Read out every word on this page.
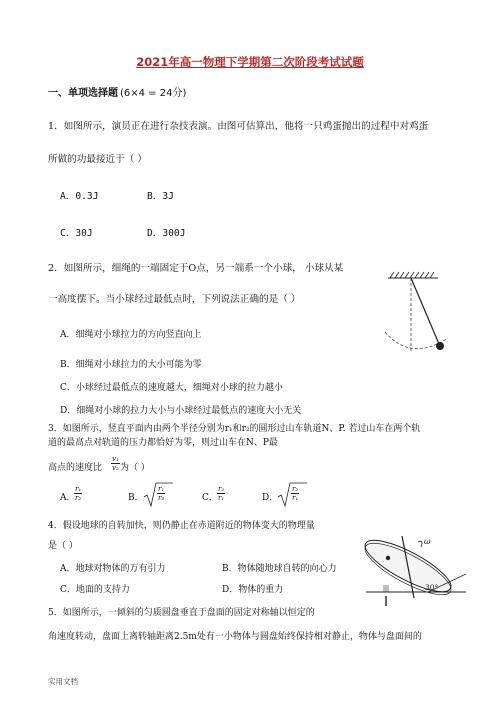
2021年高一物理下学期第二次阶段考试试题
一、单项选择题 (6×4 = 24分)
1．如图所示，演员正在进行杂技表演。由图可估算出，他将一只鸡蛋抛出的过程中对鸡蛋
所做的功最接近于（ ）
A．0.3J	B．3J
C．30J	D．300J
2．如图所示，细绳的一端固定于O点，另一端系一个小球， 小球从某
一高度摆下。当小球经过最低点时，下列说法正确的是（ ）
A．细绳对小球拉力的方向竖直向上
B．细绳对小球拉力的大小可能为零
C．小球经过最低点的速度越大，细绳对小球的拉力越小
D．细绳对小球的拉力大小与小球经过最低点的速度大小无关
3．如图所示，竖直平面内由两个半径分别为r₁和r₂的圆形过山车轨道N、P. 若过山车在两个轨
道的最高点对轨道的压力都恰好为零，则过山车在N、P最
高点的速度比 $\frac{\text{v₁}}{\text{v₂}}$ 为（ ）
A．
$\frac{\text{r₁}}{\text{r₂}}$	B． $\frac{\text{r₁}}{\text{r₂}}$	C． $\frac{\text{r₂}}{\text{r₁}}$	D． $\frac{\text{r₂}}{\text{r₁}}$
4．假设地球的自转加快，则仍静止在赤道附近的物体变大的物理量
是（ ）
A．地球对物体的万有引力	B．物体随地球自转的向心力
C．地面的支持力	D．物体的重力
5．如图所示，一倾斜的匀质圆盘垂直于盘面的固定对称轴以恒定的
角速度转动，盘面上离转轴距离2.5m处有一小物体与圆盘始终保持相对静止，物体与盘面间的
ω
30°
实用文档
